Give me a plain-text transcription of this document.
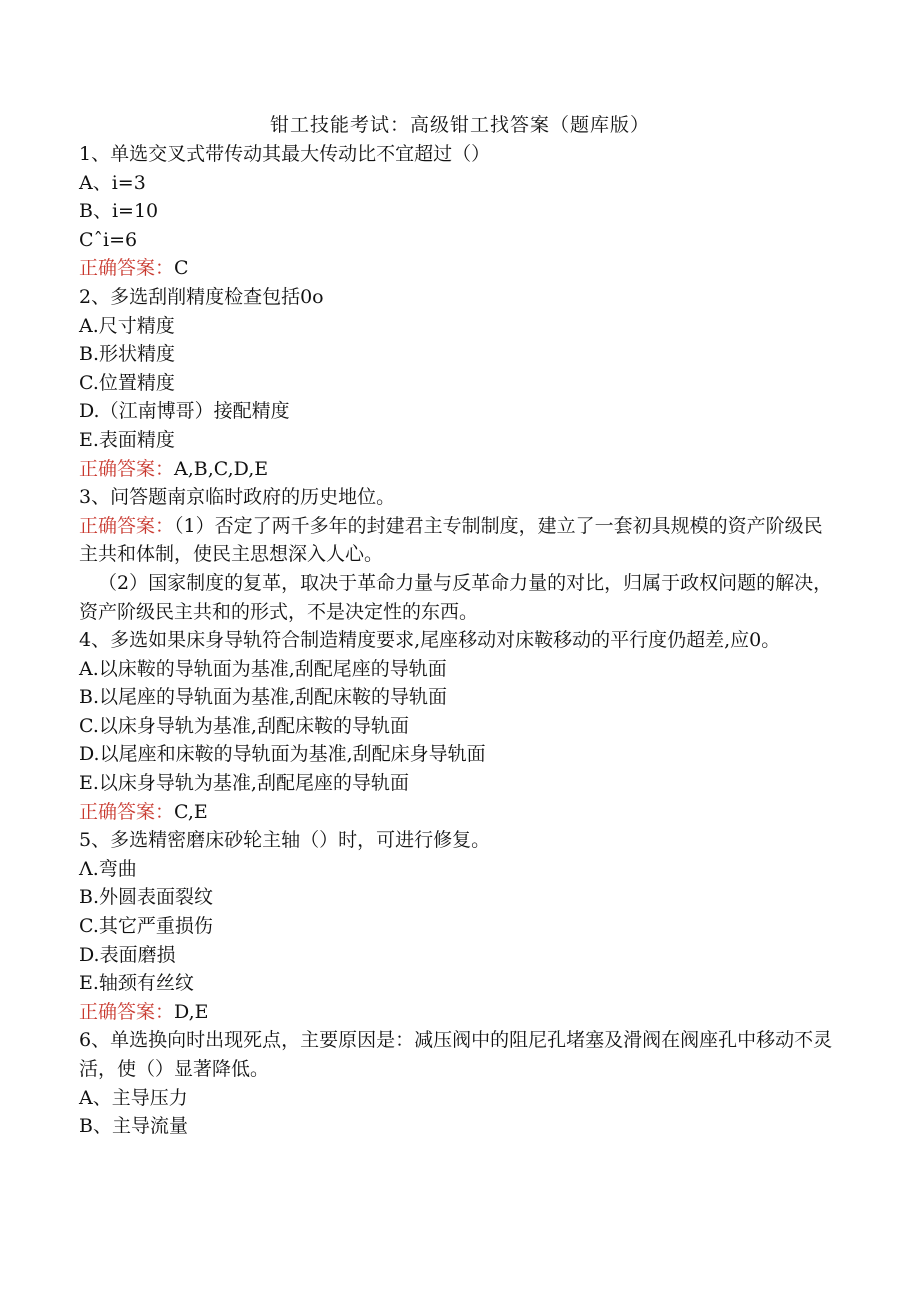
钳工技能考试：高级钳工找答案（题库版）
1、单选交叉式带传动其最大传动比不宜超过（）
A、i=3
B、i=10
Cˆi=6
正确答案：C
2、多选刮削精度检查包括0o
A.尺寸精度
B.形状精度
C.位置精度
D.（江南博哥）接配精度
E.表面精度
正确答案：A,B,C,D,E
3、问答题南京临时政府的历史地位。
正确答案：（1）否定了两千多年的封建君主专制制度，建立了一套初具规模的资产阶级民主共和体制，使民主思想深入人心。
（2）国家制度的复革，取决于革命力量与反革命力量的对比，归属于政权问题的解决，资产阶级民主共和的形式，不是决定性的东西。
4、多选如果床身导轨符合制造精度要求,尾座移动对床鞍移动的平行度仍超差,应0。
A.以床鞍的导轨面为基准,刮配尾座的导轨面
B.以尾座的导轨面为基准,刮配床鞍的导轨面
C.以床身导轨为基准,刮配床鞍的导轨面
D.以尾座和床鞍的导轨面为基准,刮配床身导轨面
E.以床身导轨为基准,刮配尾座的导轨面
正确答案：C,E
5、多选精密磨床砂轮主轴（）时，可进行修复。
Λ.弯曲
B.外圆表面裂纹
C.其它严重损伤
D.表面磨损
E.轴颈有丝纹
正确答案：D,E
6、单选换向时出现死点，主要原因是：减压阀中的阻尼孔堵塞及滑阀在阀座孔中移动不灵活，使（）显著降低。
A、主导压力
B、主导流量
